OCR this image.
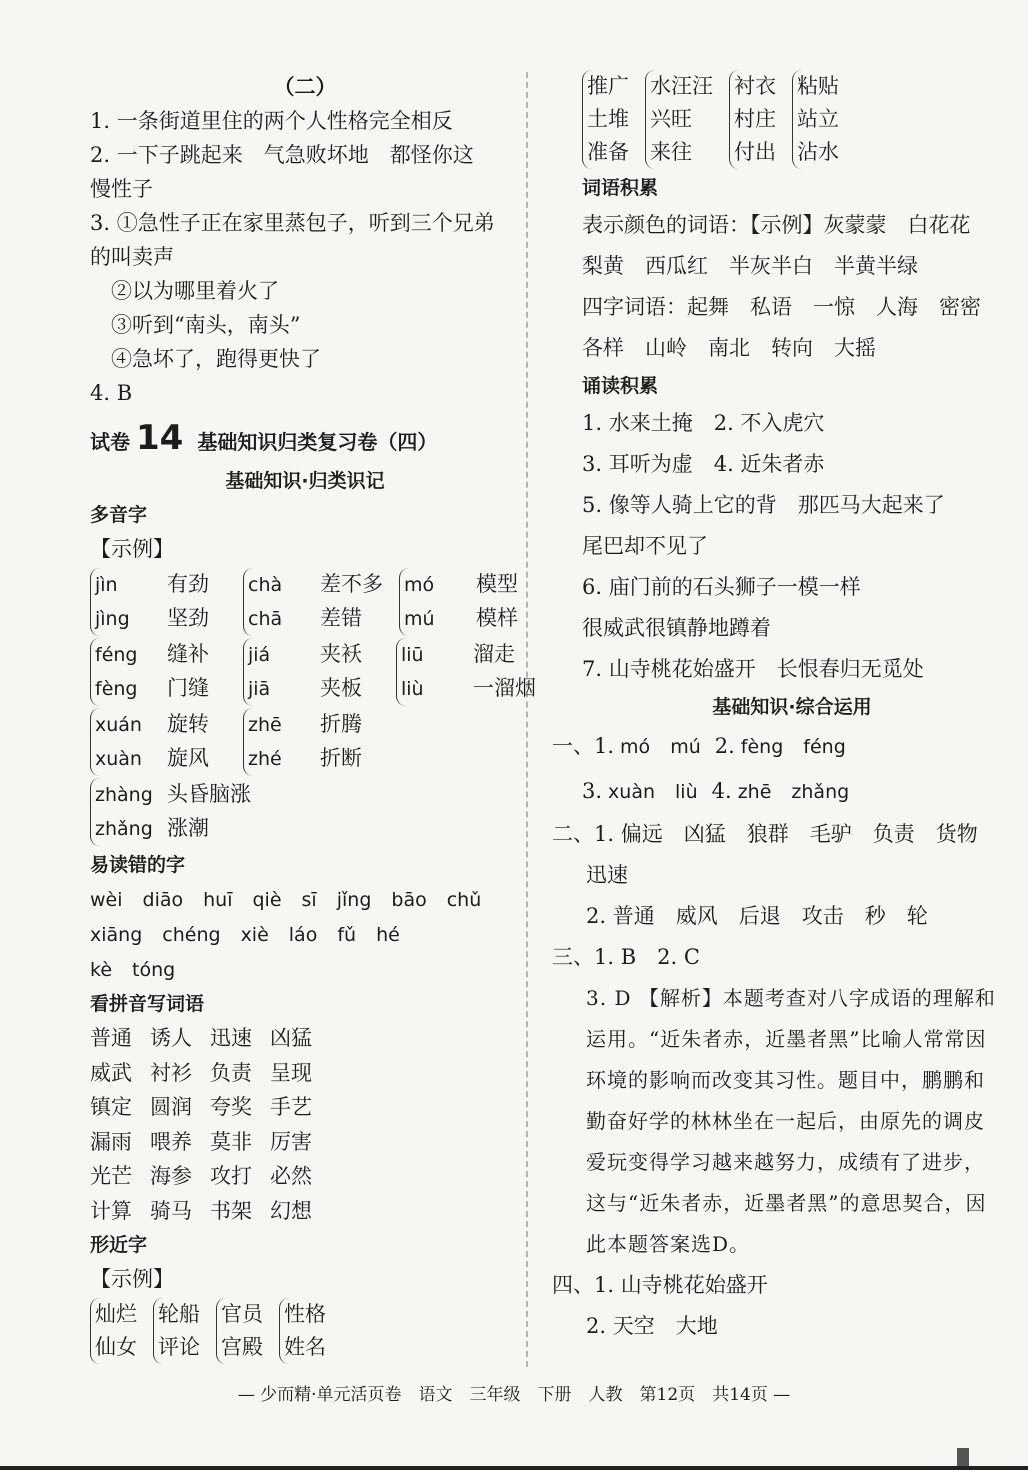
（二）
1. 一条街道里住的两个人性格完全相反
2. 一下子跳起来　气急败坏地　都怪你这
慢性子
3. ①急性子正在家里蒸包子，听到三个兄弟
的叫卖声
　②以为哪里着火了
　③听到“南头，南头”
　④急坏了，跑得更快了
4. B
试卷 14 基础知识归类复习卷（四）
基础知识·归类识记
多音字
【示例】
jìn 有劲
jìng 坚劲
chà 差不多
chā 差错
mó 模型
mú 模样
féng 缝补
fèng 门缝
jiá 夹袄
jiā 夹板
liū 溜走
liù 一溜烟
xuán 旋转
xuàn 旋风
zhē 折腾
zhé 折断
zhàng 头昏脑涨
zhǎng 涨潮
易读错的字
wèi diāo huī qiè sī jǐng bāo chǔ
xiāng chéng xiè láo fǔ hé
kè tóng
看拼音写词语
普通 诱人 迅速 凶猛
威武 衬衫 负责 呈现
镇定 圆润 夸奖 手艺
漏雨 喂养 莫非 厉害
光芒 海参 攻打 必然
计算 骑马 书架 幻想
形近字
【示例】
灿烂
仙女
轮船
评论
官员
宫殿
性格
姓名
推广
土堆
准备
水汪汪
兴旺
来往
衬衣
村庄
付出
粘贴
站立
沾水
词语积累
表示颜色的词语：【示例】灰蒙蒙　白花花
梨黄　西瓜红　半灰半白　半黄半绿
四字词语：起舞　私语　一惊　人海　密密
各样　山岭　南北　转向　大摇
诵读积累
1. 水来土掩　2. 不入虎穴
3. 耳听为虚　4. 近朱者赤
5. 像等人骑上它的背　那匹马大起来了
尾巴却不见了
6. 庙门前的石头狮子一模一样
很威武很镇静地蹲着
7. 山寺桃花始盛开　长恨春归无觅处
基础知识·综合运用
一、1. mó mú 2. fèng féng
3. xuàn liù 4. zhē zhǎng
二、1. 偏远　凶猛　狼群　毛驴　负责　货物
迅速
2. 普通　威风　后退　攻击　秒　轮
三、1. B　2. C
3. D 【解析】本题考查对八字成语的理解和运用。“近朱者赤，近墨者黑”比喻人常常因环境的影响而改变其习性。题目中，鹏鹏和勤奋好学的林林坐在一起后，由原先的调皮爱玩变得学习越来越努力，成绩有了进步，这与“近朱者赤，近墨者黑”的意思契合，因此本题答案选D。
四、1. 山寺桃花始盛开
2. 天空　大地
— 少而精·单元活页卷　语文　三年级　下册　人教　第12页　共14页 —
